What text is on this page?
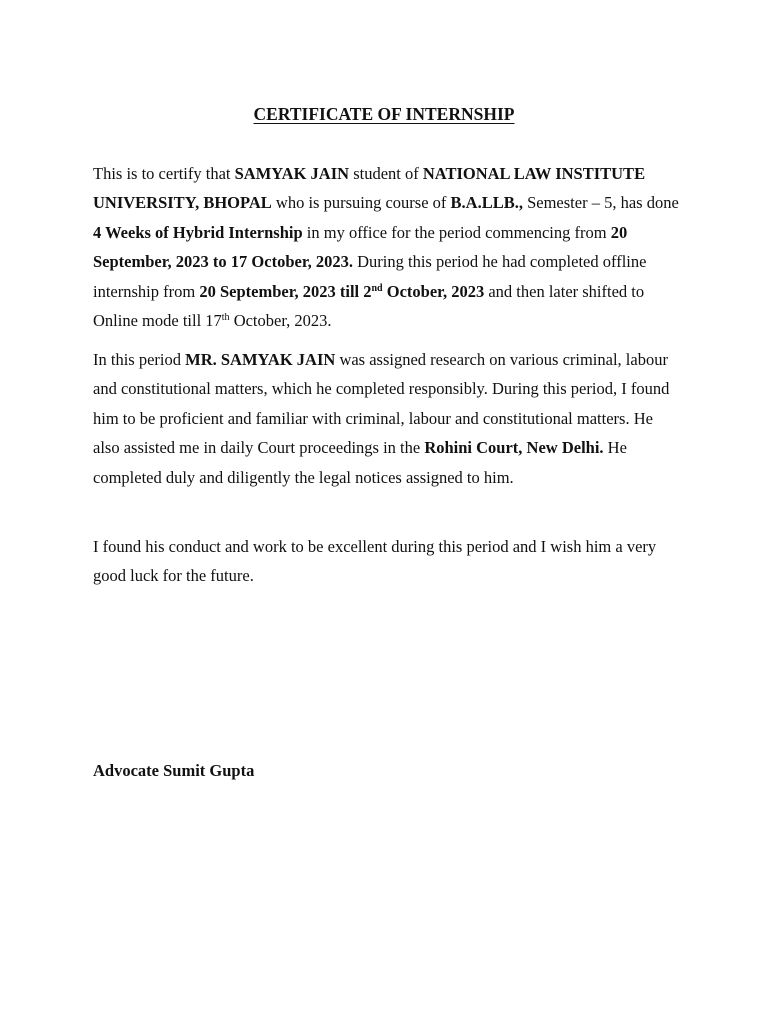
CERTIFICATE OF INTERNSHIP

This is to certify that SAMYAK JAIN student of NATIONAL LAW INSTITUTE UNIVERSITY, BHOPAL who is pursuing course of B.A.LLB., Semester – 5, has done 4 Weeks of Hybrid Internship in my office for the period commencing from 20 September, 2023 to 17 October, 2023. During this period he had completed offline internship from 20 September, 2023 till 2nd October, 2023 and then later shifted to Online mode till 17th October, 2023.

In this period MR. SAMYAK JAIN was assigned research on various criminal, labour and constitutional matters, which he completed responsibly. During this period, I found him to be proficient and familiar with criminal, labour and constitutional matters. He also assisted me in daily Court proceedings in the Rohini Court, New Delhi. He completed duly and diligently the legal notices assigned to him.

I found his conduct and work to be excellent during this period and I wish him a very good luck for the future.

Advocate Sumit Gupta
